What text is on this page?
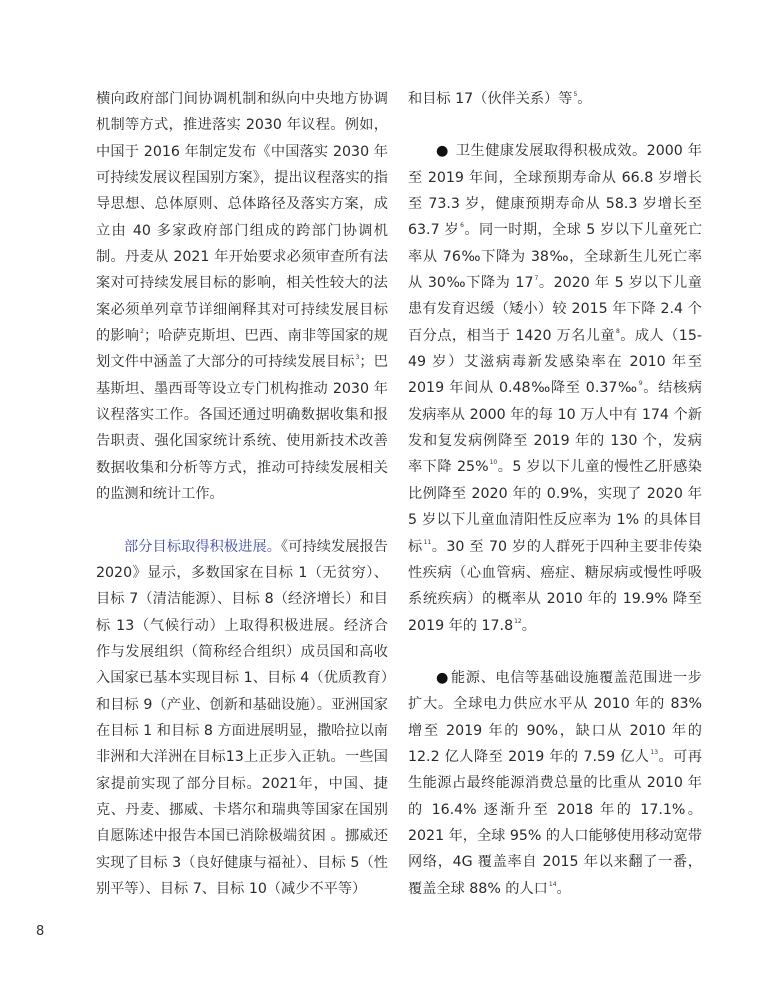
横向政府部门间协调机制和纵向中央地方协调机制等方式，推进落实 2030 年议程。例如，中国于 2016 年制定发布《中国落实 2030 年可持续发展议程国别方案》，提出议程落实的指导思想、总体原则、总体路径及落实方案，成立由 40 多家政府部门组成的跨部门协调机制。丹麦从 2021 年开始要求必须审查所有法案对可持续发展目标的影响，相关性较大的法案必须单列章节详细阐释其对可持续发展目标的影响$^2$；哈萨克斯坦、巴西、南非等国家的规划文件中涵盖了大部分的可持续发展目标$^3$；巴基斯坦、墨西哥等设立专门机构推动 2030 年议程落实工作。各国还通过明确数据收集和报告职责、强化国家统计系统、使用新技术改善数据收集和分析等方式，推动可持续发展相关的监测和统计工作。

部分目标取得积极进展。《可持续发展报告 2020》显示，多数国家在目标 1（无贫穷）、目标 7（清洁能源）、目标 8（经济增长）和目标 13（气候行动）上取得积极进展。经济合作与发展组织（简称经合组织）成员国和高收入国家已基本实现目标 1、目标 4（优质教育）和目标 9（产业、创新和基础设施）。亚洲国家在目标 1 和目标 8 方面进展明显，撒哈拉以南非洲和大洋洲在目标13上正步入正轨。一些国家提前实现了部分目标。2021年，中国、捷克、丹麦、挪威、卡塔尔和瑞典等国家在国别自愿陈述中报告本国已消除极端贫困 。挪威还实现了目标 3（良好健康与福祉）、目标 5（性别平等）、目标 7、目标 10（减少不平等）

和目标 17（伙伴关系）等$^5$。

● 卫生健康发展取得积极成效。2000 年至 2019 年间，全球预期寿命从 66.8 岁增长至 73.3 岁，健康预期寿命从 58.3 岁增长至 63.7 岁$^6$。同一时期，全球 5 岁以下儿童死亡率从 76‰下降为 38‰，全球新生儿死亡率从 30‰下降为 17$^7$。2020 年 5 岁以下儿童患有发育迟缓（矮小）较 2015 年下降 2.4 个百分点，相当于 1420 万名儿童$^8$。成人（15-49 岁）艾滋病毒新发感染率在 2010 年至 2019 年间从 0.48‰降至 0.37‰$^9$。结核病发病率从 2000 年的每 10 万人中有 174 个新发和复发病例降至 2019 年的 130 个，发病率下降 25%$^{10}$。5 岁以下儿童的慢性乙肝感染比例降至 2020 年的 0.9%，实现了 2020 年 5 岁以下儿童血清阳性反应率为 1% 的具体目标$^{11}$。30 至 70 岁的人群死于四种主要非传染性疾病（心血管病、癌症、糖尿病或慢性呼吸系统疾病）的概率从 2010 年的 19.9% 降至 2019 年的 17.8$^{12}$。

● 能源、电信等基础设施覆盖范围进一步扩大。全球电力供应水平从 2010 年的 83% 增至 2019 年的 90%，缺口从 2010 年的 12.2 亿人降至 2019 年的 7.59 亿人$^{13}$。可再生能源占最终能源消费总量的比重从 2010 年的 16.4% 逐渐升至 2018 年的 17.1%。2021 年，全球 95% 的人口能够使用移动宽带网络，4G 覆盖率自 2015 年以来翻了一番，覆盖全球 88% 的人口$^{14}$。

8
